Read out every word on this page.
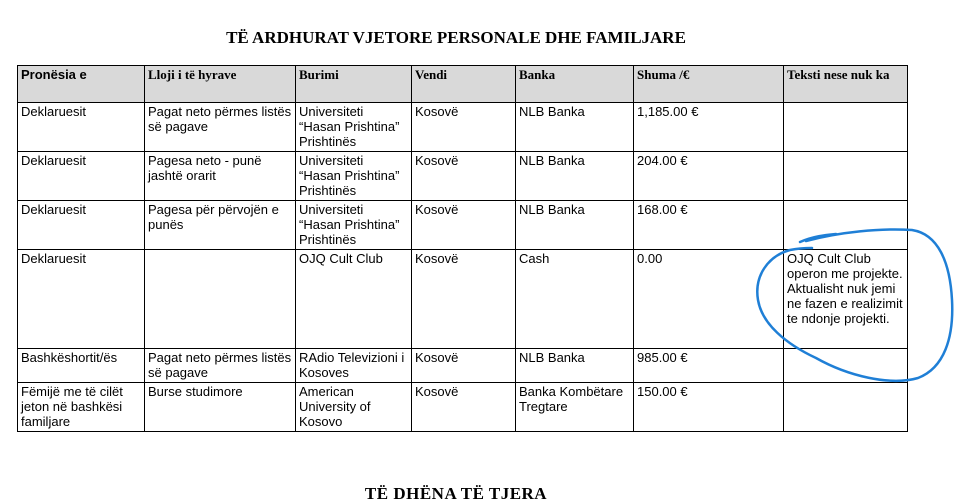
TË ARDHURAT VJETORE PERSONALE DHE FAMILJARE
Pronësia e	Lloji i të hyrave	Burimi	Vendi	Banka	Shuma /€	Teksti nese nuk ka
Deklaruesit	Pagat neto përmes listës së pagave	Universiteti “Hasan Prishtina” Prishtinës	Kosovë	NLB Banka	1,185.00 €	
Deklaruesit	Pagesa neto - punë jashtë orarit	Universiteti “Hasan Prishtina” Prishtinës	Kosovë	NLB Banka	204.00 €	
Deklaruesit	Pagesa për përvojën e punës	Universiteti “Hasan Prishtina” Prishtinës	Kosovë	NLB Banka	168.00 €	
Deklaruesit		OJQ Cult Club	Kosovë	Cash	0.00	OJQ Cult Club operon me projekte. Aktualisht nuk jemi ne fazen e realizimit te ndonje projekti.
Bashkëshortit/ës	Pagat neto përmes listës së pagave	RAdio Televizioni i Kosoves	Kosovë	NLB Banka	985.00 €	
Fëmijë me të cilët jeton në bashkësi familjare	Burse studimore	American University of Kosovo	Kosovë	Banka Kombëtare Tregtare	150.00 €	
TË DHËNA TË TJERA
